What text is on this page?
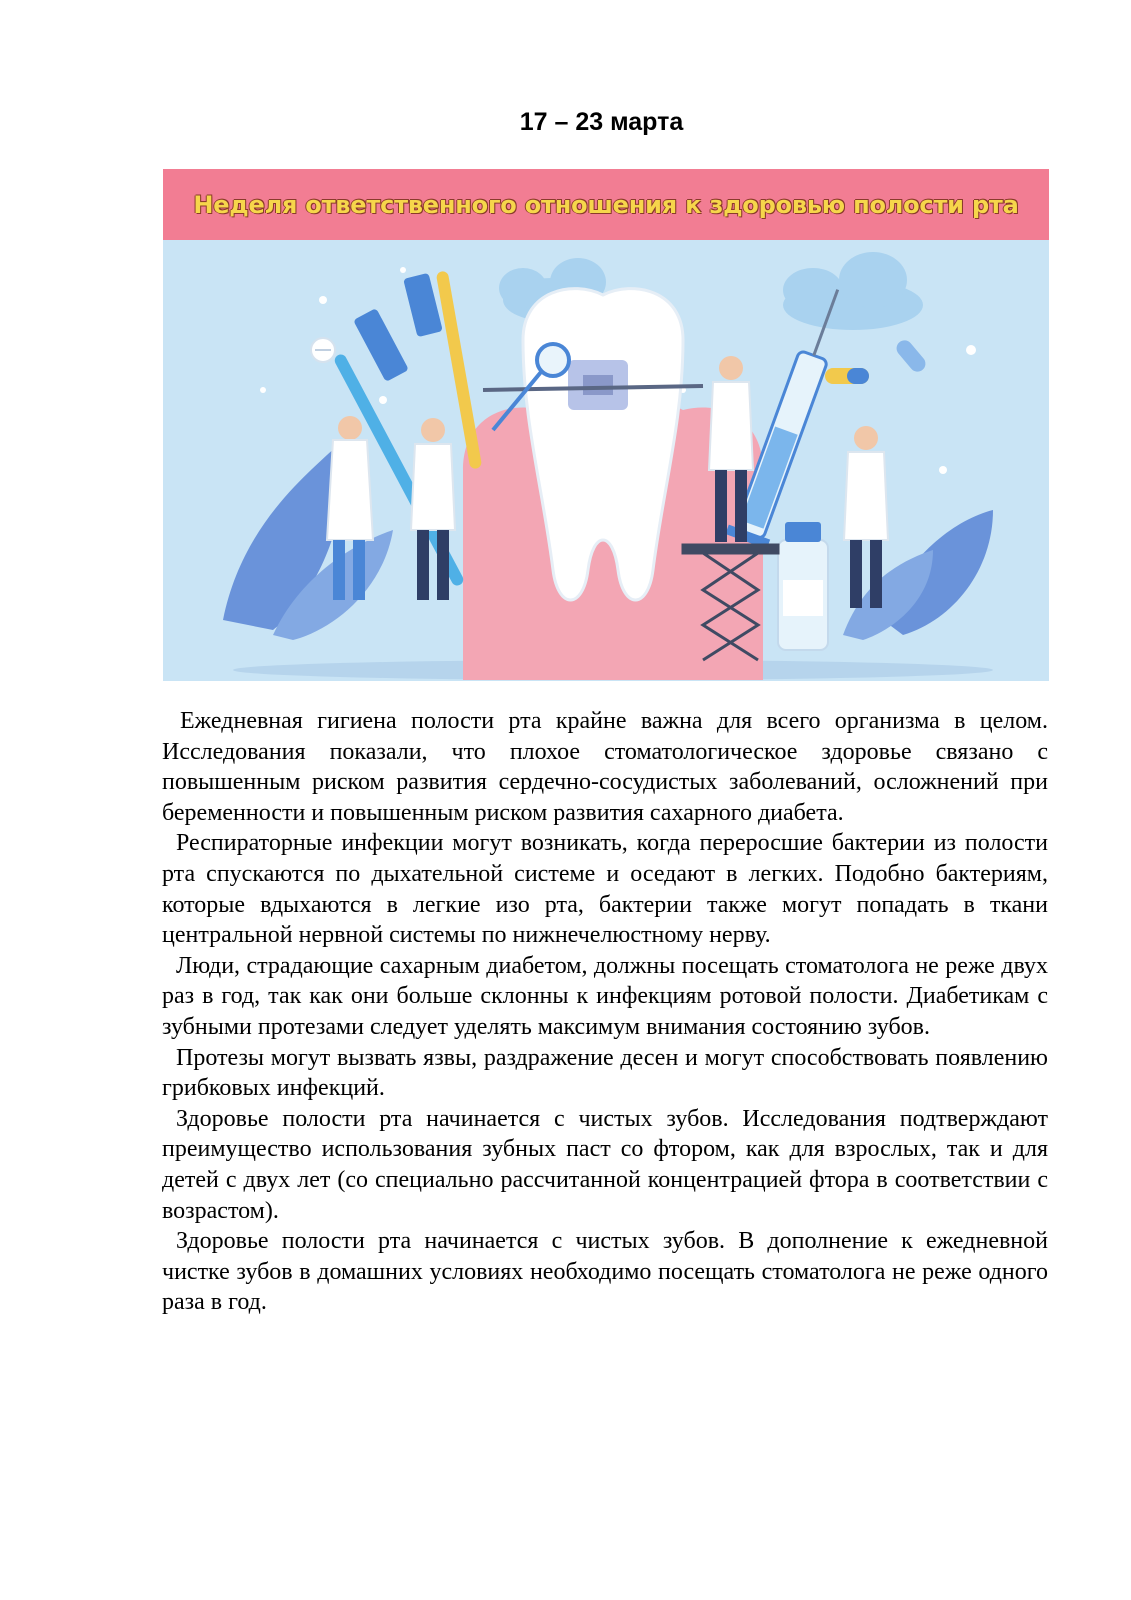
17 – 23 марта
Неделя ответственного отношения к здоровью полости рта

Ежедневная гигиена полости рта крайне важна для всего организма в целом. Исследования показали, что плохое стоматологическое здоровье связано с повышенным риском развития сердечно-сосудистых заболеваний, осложнений при беременности и повышенным риском развития сахарного диабета.

Респираторные инфекции могут возникать, когда переросшие бактерии из полости рта спускаются по дыхательной системе и оседают в легких. Подобно бактериям, которые вдыхаются в легкие изо рта, бактерии также могут попадать в ткани центральной нервной системы по нижнечелюстному нерву.

Люди, страдающие сахарным диабетом, должны посещать стоматолога не реже двух раз в год, так как они больше склонны к инфекциям ротовой полости. Диабетикам с зубными протезами следует уделять максимум внимания состоянию зубов.

Протезы могут вызвать язвы, раздражение десен и могут способствовать появлению грибковых инфекций.

Здоровье полости рта начинается с чистых зубов. Исследования подтверждают преимущество использования зубных паст со фтором, как для взрослых, так и для детей с двух лет (со специально рассчитанной концентрацией фтора в соответствии с возрастом).

Здоровье полости рта начинается с чистых зубов. В дополнение к ежедневной чистке зубов в домашних условиях необходимо посещать стоматолога не реже одного раза в год.
